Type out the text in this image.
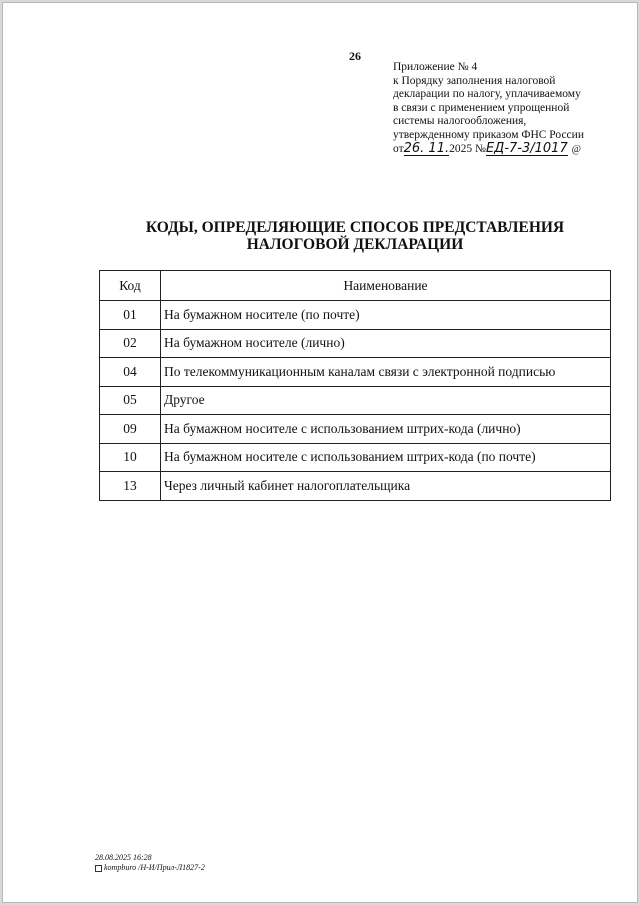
26
Приложение № 4
к Порядку заполнения налоговой
декларации по налогу, уплачиваемому
в связи с применением упрощенной
системы налогообложения,
утвержденному приказом ФНС России
от26. 11.2025 №ЕД-7-3/1017 @
КОДЫ, ОПРЕДЕЛЯЮЩИЕ СПОСОБ ПРЕДСТАВЛЕНИЯ
НАЛОГОВОЙ ДЕКЛАРАЦИИ
Код	Наименование
01	На бумажном носителе (по почте)
02	На бумажном носителе (лично)
04	По телекоммуникационным каналам связи с электронной подписью
05	Другое
09	На бумажном носителе с использованием штрих-кода (лично)
10	На бумажном носителе с использованием штрих-кода (по почте)
13	Через личный кабинет налогоплательщика
28.08.2025 16:28
kompburo /Н-И/Прил-Л1827-2
